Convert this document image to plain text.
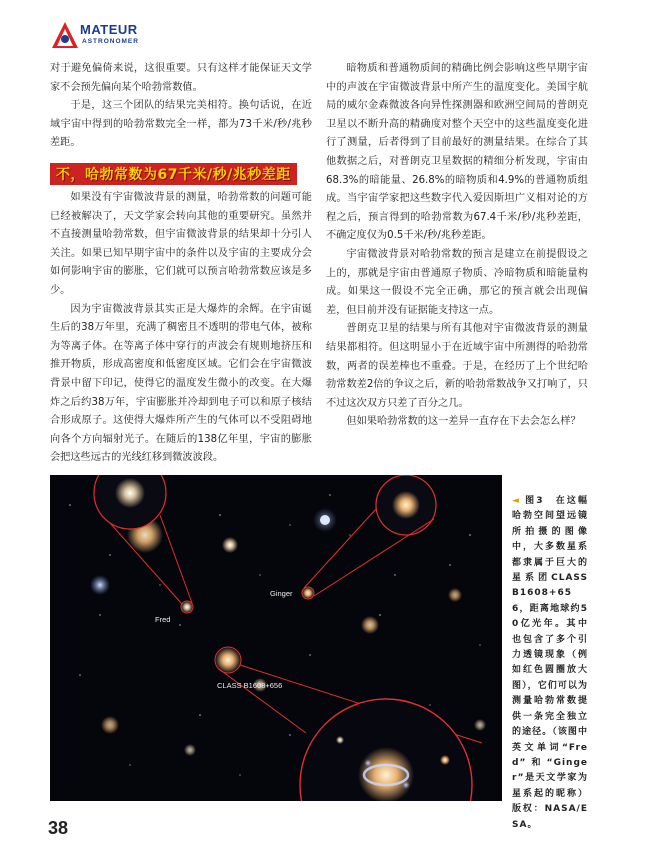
MATEUR
ASTRONOMER

对于避免偏倚来说，这很重要。只有这样才能保证天文学家不会预先偏向某个哈勃常数值。

于是，这三个团队的结果完美相符。换句话说，在近域宇宙中得到的哈勃常数完全一样，都为73千米/秒/兆秒差距。

不，哈勃常数为67千米/秒/兆秒差距

如果没有宇宙微波背景的测量，哈勃常数的问题可能已经被解决了，天文学家会转向其他的重要研究。虽然并不直接测量哈勃常数，但宇宙微波背景的结果却十分引人关注。如果已知早期宇宙中的条件以及宇宙的主要成分会如何影响宇宙的膨胀，它们就可以预言哈勃常数应该是多少。

因为宇宙微波背景其实正是大爆炸的余辉。在宇宙诞生后的38万年里，充满了稠密且不透明的带电气体，被称为等离子体。在等离子体中穿行的声波会有规则地挤压和推开物质，形成高密度和低密度区域。它们会在宇宙微波背景中留下印记，使得它的温度发生微小的改变。在大爆炸之后约38万年，宇宙膨胀并冷却到电子可以和原子核结合形成原子。这使得大爆炸所产生的气体可以不受阻碍地向各个方向辐射光子。在随后的138亿年里，宇宙的膨胀会把这些远古的光线红移到微波波段。

暗物质和普通物质间的精确比例会影响这些早期宇宙中的声波在宇宙微波背景中所产生的温度变化。美国宇航局的威尔金森微波各向异性探测器和欧洲空间局的普朗克卫星以不断升高的精确度对整个天空中的这些温度变化进行了测量，后者得到了目前最好的测量结果。在综合了其他数据之后，对普朗克卫星数据的精细分析发现，宇宙由68.3%的暗能量、26.8%的暗物质和4.9%的普通物质组成。当宇宙学家把这些数字代入爱因斯坦广义相对论的方程之后，预言得到的哈勃常数为67.4千米/秒/兆秒差距，不确定度仅为0.5千米/秒/兆秒差距。

宇宙微波背景对哈勃常数的预言是建立在前提假设之上的，那就是宇宙由普通原子物质、冷暗物质和暗能量构成。如果这一假设不完全正确，那它的预言就会出现偏差，但目前并没有证据能支持这一点。

普朗克卫星的结果与所有其他对宇宙微波背景的测量结果都相符。但这明显小于在近域宇宙中所测得的哈勃常数，两者的误差棒也不重叠。于是，在经历了上个世纪哈勃常数差2倍的争议之后，新的哈勃常数战争又打响了，只不过这次双方只差了百分之几。

但如果哈勃常数的这一差异一直存在下去会怎么样？

Ginger
Fred
CLASS B1608+656
◄ 图3　在这幅哈勃空间望远镜所拍摄的图像中，大多数星系都隶属于巨大的星系团CLASS B1608+656，距离地球约50亿光年。其中也包含了多个引力透镜现象（例如红色圆圈放大图），它们可以为测量哈勃常数提供一条完全独立的途径。（该图中英文单词“Fred”和“Ginger”是天文学家为星系起的昵称）版权：NASA/ESA。
38
